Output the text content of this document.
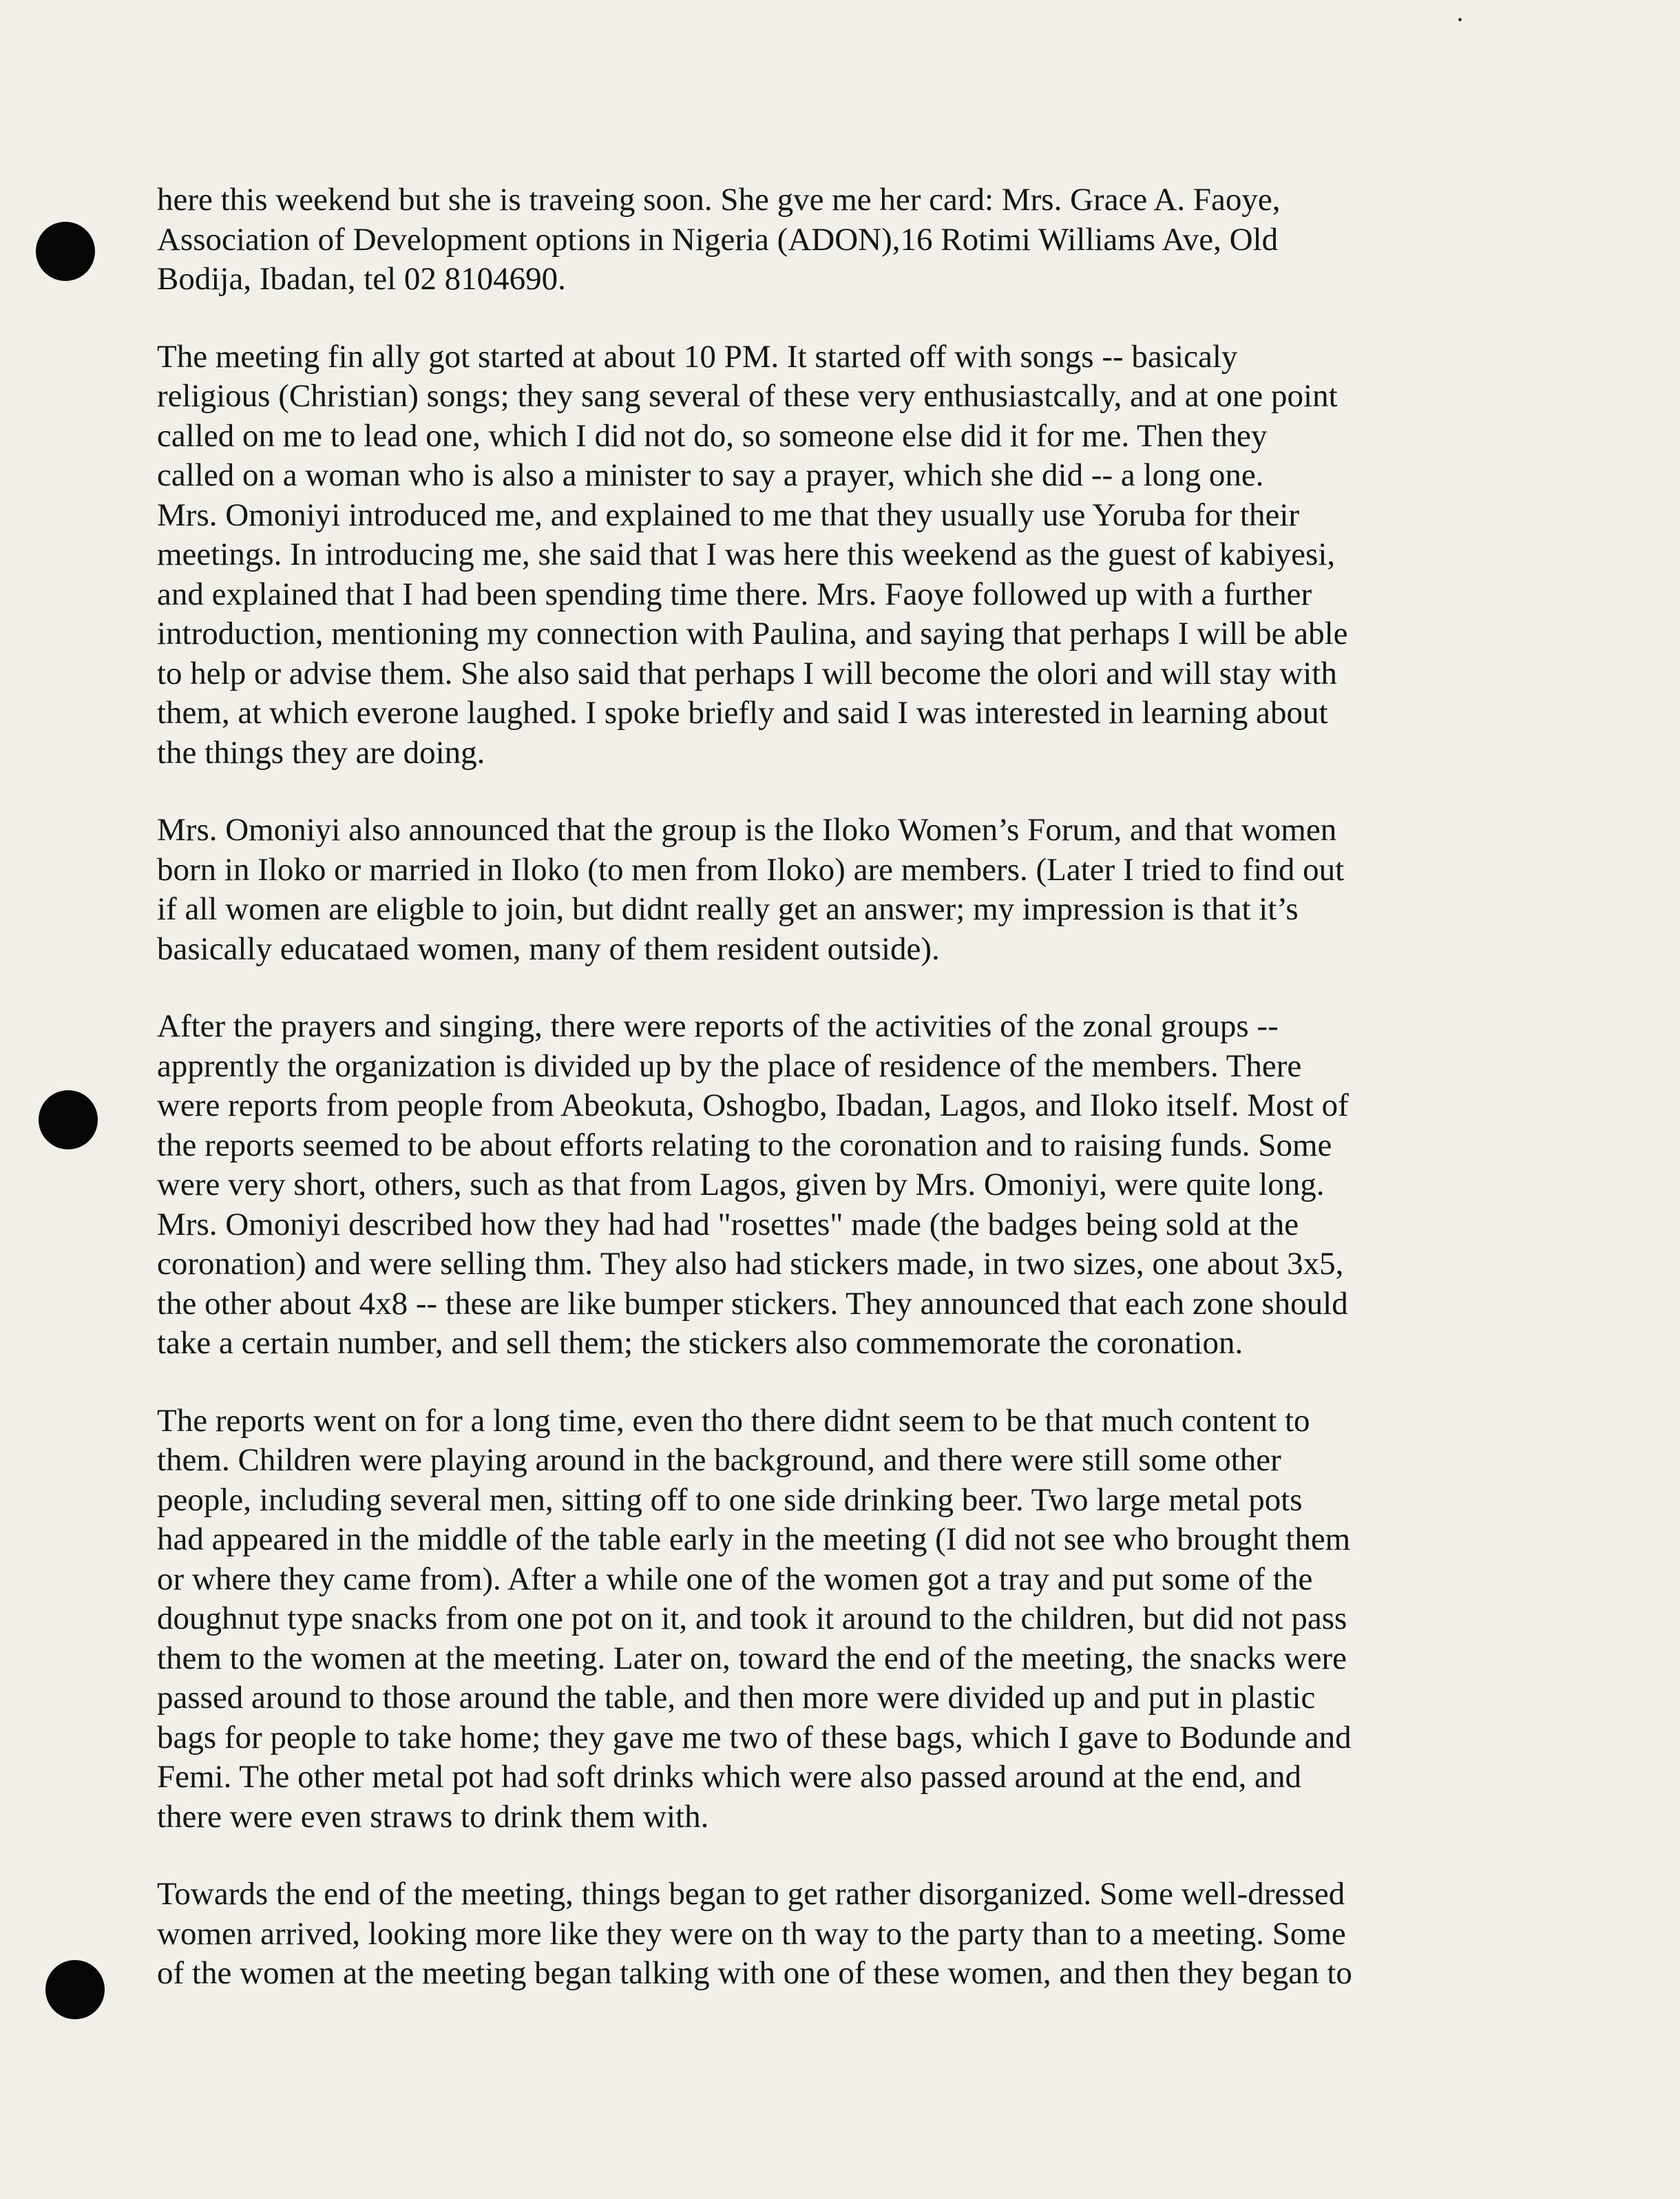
here this weekend but she is traveing soon. She gve me her card: Mrs. Grace A. Faoye,
Association of Development options in Nigeria (ADON),16 Rotimi Williams Ave, Old
Bodija, Ibadan, tel 02 8104690.
The meeting fin ally got started at about 10 PM. It started off with songs -- basicaly
religious (Christian) songs; they sang several of these very enthusiastcally, and at one point
called on me to lead one, which I did not do, so someone else did it for me. Then they
called on a woman who is also a minister to say a prayer, which she did -- a long one.
Mrs. Omoniyi introduced me, and explained to me that they usually use Yoruba for their
meetings. In introducing me, she said that I was here this weekend as the guest of kabiyesi,
and explained that I had been spending time there. Mrs. Faoye followed up with a further
introduction, mentioning my connection with Paulina, and saying that perhaps I will be able
to help or advise them. She also said that perhaps I will become the olori and will stay with
them, at which everone laughed. I spoke briefly and said I was interested in learning about
the things they are doing.
Mrs. Omoniyi also announced that the group is the Iloko Women’s Forum, and that women
born in Iloko or married in Iloko (to men from Iloko) are members. (Later I tried to find out
if all women are eligble to join, but didnt really get an answer; my impression is that it’s
basically educataed women, many of them resident outside).
After the prayers and singing, there were reports of the activities of the zonal groups --
apprently the organization is divided up by the place of residence of the members. There
were reports from people from Abeokuta, Oshogbo, Ibadan, Lagos, and Iloko itself. Most of
the reports seemed to be about efforts relating to the coronation and to raising funds. Some
were very short, others, such as that from Lagos, given by Mrs. Omoniyi, were quite long.
Mrs. Omoniyi described how they had had "rosettes" made (the badges being sold at the
coronation) and were selling thm. They also had stickers made, in two sizes, one about 3x5,
the other about 4x8 -- these are like bumper stickers. They announced that each zone should
take a certain number, and sell them; the stickers also commemorate the coronation.
The reports went on for a long time, even tho there didnt seem to be that much content to
them. Children were playing around in the background, and there were still some other
people, including several men, sitting off to one side drinking beer. Two large metal pots
had appeared in the middle of the table early in the meeting (I did not see who brought them
or where they came from). After a while one of the women got a tray and put some of the
doughnut type snacks from one pot on it, and took it around to the children, but did not pass
them to the women at the meeting. Later on, toward the end of the meeting, the snacks were
passed around to those around the table, and then more were divided up and put in plastic
bags for people to take home; they gave me two of these bags, which I gave to Bodunde and
Femi. The other metal pot had soft drinks which were also passed around at the end, and
there were even straws to drink them with.
Towards the end of the meeting, things began to get rather disorganized. Some well-dressed
women arrived, looking more like they were on th way to the party than to a meeting. Some
of the women at the meeting began talking with one of these women, and then they began to
